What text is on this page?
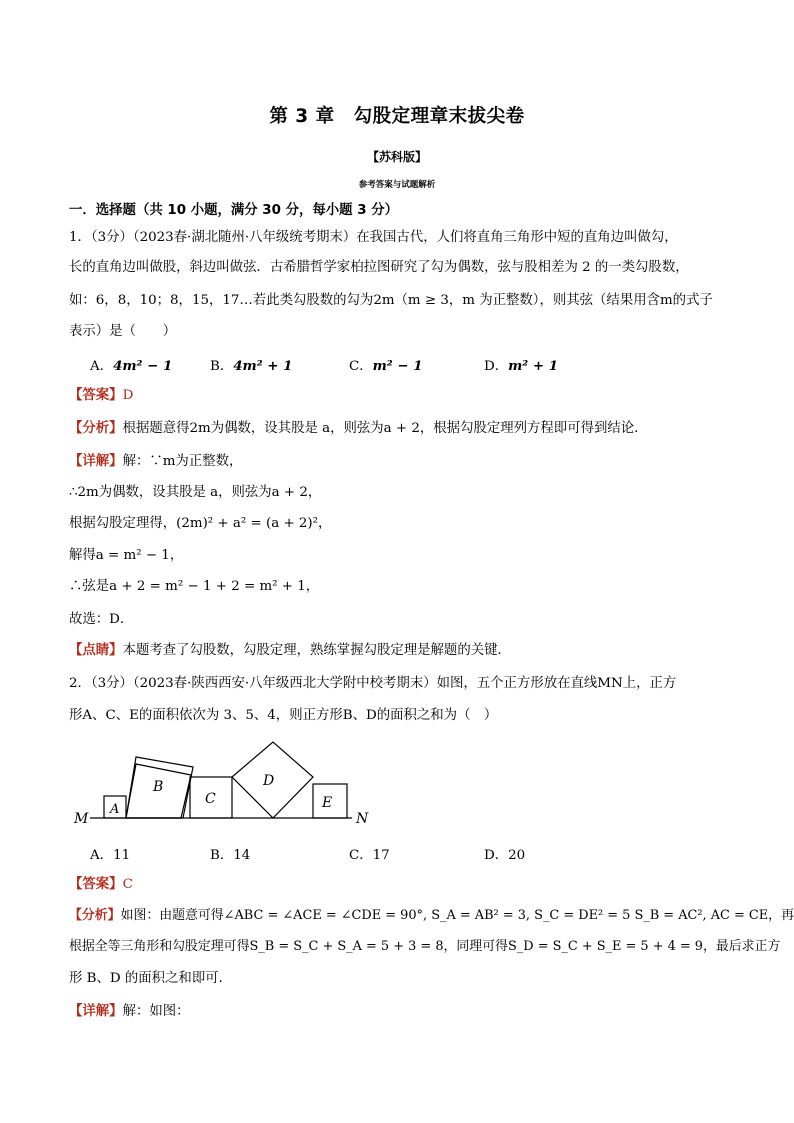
第 3 章　勾股定理章末拔尖卷
【苏科版】
参考答案与试题解析
一．选择题（共 10 小题，满分 30 分，每小题 3 分）
1．（3分）（2023春·湖北随州·八年级统考期末）在我国古代，人们将直角三角形中短的直角边叫做勾，
长的直角边叫做股，斜边叫做弦．古希腊哲学家柏拉图研究了勾为偶数，弦与股相差为 2 的一类勾股数，
如：6，8，10；8，15，17…若此类勾股数的勾为2m（m ≥ 3，m 为正整数），则其弦（结果用含m的式子
表示）是（　　）
A．4m² − 1	B．4m² + 1	C．m² − 1	D．m² + 1
【答案】D
【分析】根据题意得2m为偶数，设其股是 a，则弦为a + 2，根据勾股定理列方程即可得到结论．
【详解】解：∵m为正整数，
∴2m为偶数，设其股是 a，则弦为a + 2，
根据勾股定理得，(2m)² + a² = (a + 2)²，
解得a = m² − 1，
∴弦是a + 2 = m² − 1 + 2 = m² + 1，
故选：D．
【点睛】本题考查了勾股数，勾股定理，熟练掌握勾股定理是解题的关键．
2．（3分）（2023春·陕西西安·八年级西北大学附中校考期末）如图，五个正方形放在直线MN上，正方
形A、C、E的面积依次为 3、5、4，则正方形B、D的面积之和为（　）
M
A
B
C
D
E
N
A．11	B．14	C．17	D．20
【答案】C
【分析】如图：由题意可得∠ABC = ∠ACE = ∠CDE = 90°, S_A = AB² = 3, S_C = DE² = 5 S_B = AC², AC = CE，再
根据全等三角形和勾股定理可得S_B = S_C + S_A = 5 + 3 = 8，同理可得S_D = S_C + S_E = 5 + 4 = 9，最后求正方
形 B、D 的面积之和即可．
【详解】解：如图：
